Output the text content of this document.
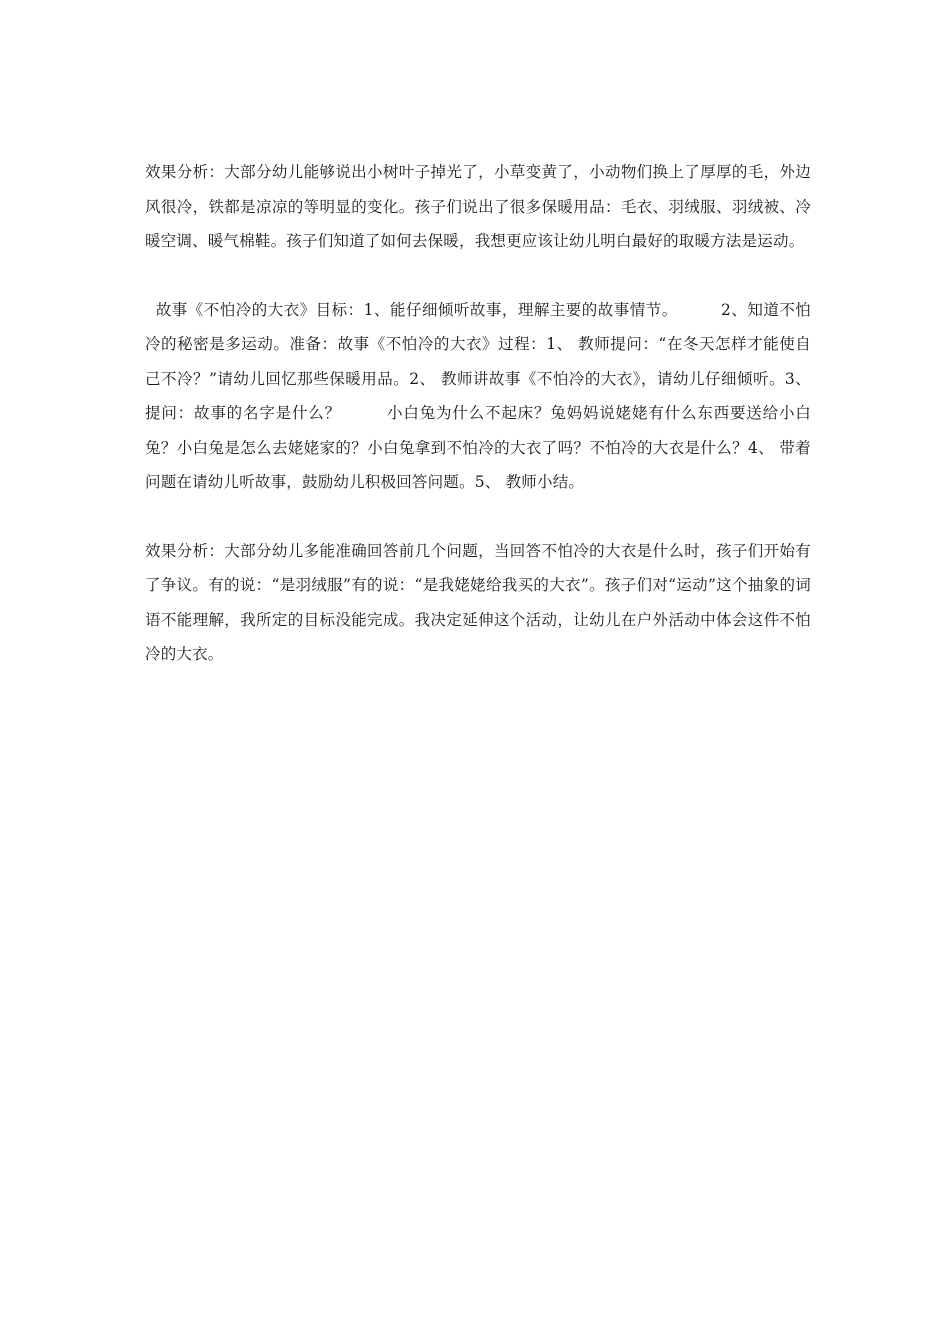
效果分析：大部分幼儿能够说出小树叶子掉光了，小草变黄了，小动物们换上了厚厚的毛，外边风很冷，铁都是凉凉的等明显的变化。孩子们说出了很多保暖用品：毛衣、羽绒服、羽绒被、冷暖空调、暖气棉鞋。孩子们知道了如何去保暖，我想更应该让幼儿明白最好的取暖方法是运动。

故事《不怕冷的大衣》目标：1、能仔细倾听故事，理解主要的故事情节。        2、知道不怕冷的秘密是多运动。准备：故事《不怕冷的大衣》过程：1、 教师提问：“在冬天怎样才能使自己不冷？”请幼儿回忆那些保暖用品。2、 教师讲故事《不怕冷的大衣》，请幼儿仔细倾听。3、 提问：故事的名字是什么？        小白兔为什么不起床？兔妈妈说姥姥有什么东西要送给小白兔？小白兔是怎么去姥姥家的？小白兔拿到不怕冷的大衣了吗？不怕冷的大衣是什么？4、 带着问题在请幼儿听故事，鼓励幼儿积极回答问题。5、 教师小结。

效果分析：大部分幼儿多能准确回答前几个问题，当回答不怕冷的大衣是什么时，孩子们开始有了争议。有的说：“是羽绒服”有的说：“是我姥姥给我买的大衣”。孩子们对“运动”这个抽象的词语不能理解，我所定的目标没能完成。我决定延伸这个活动，让幼儿在户外活动中体会这件不怕冷的大衣。
